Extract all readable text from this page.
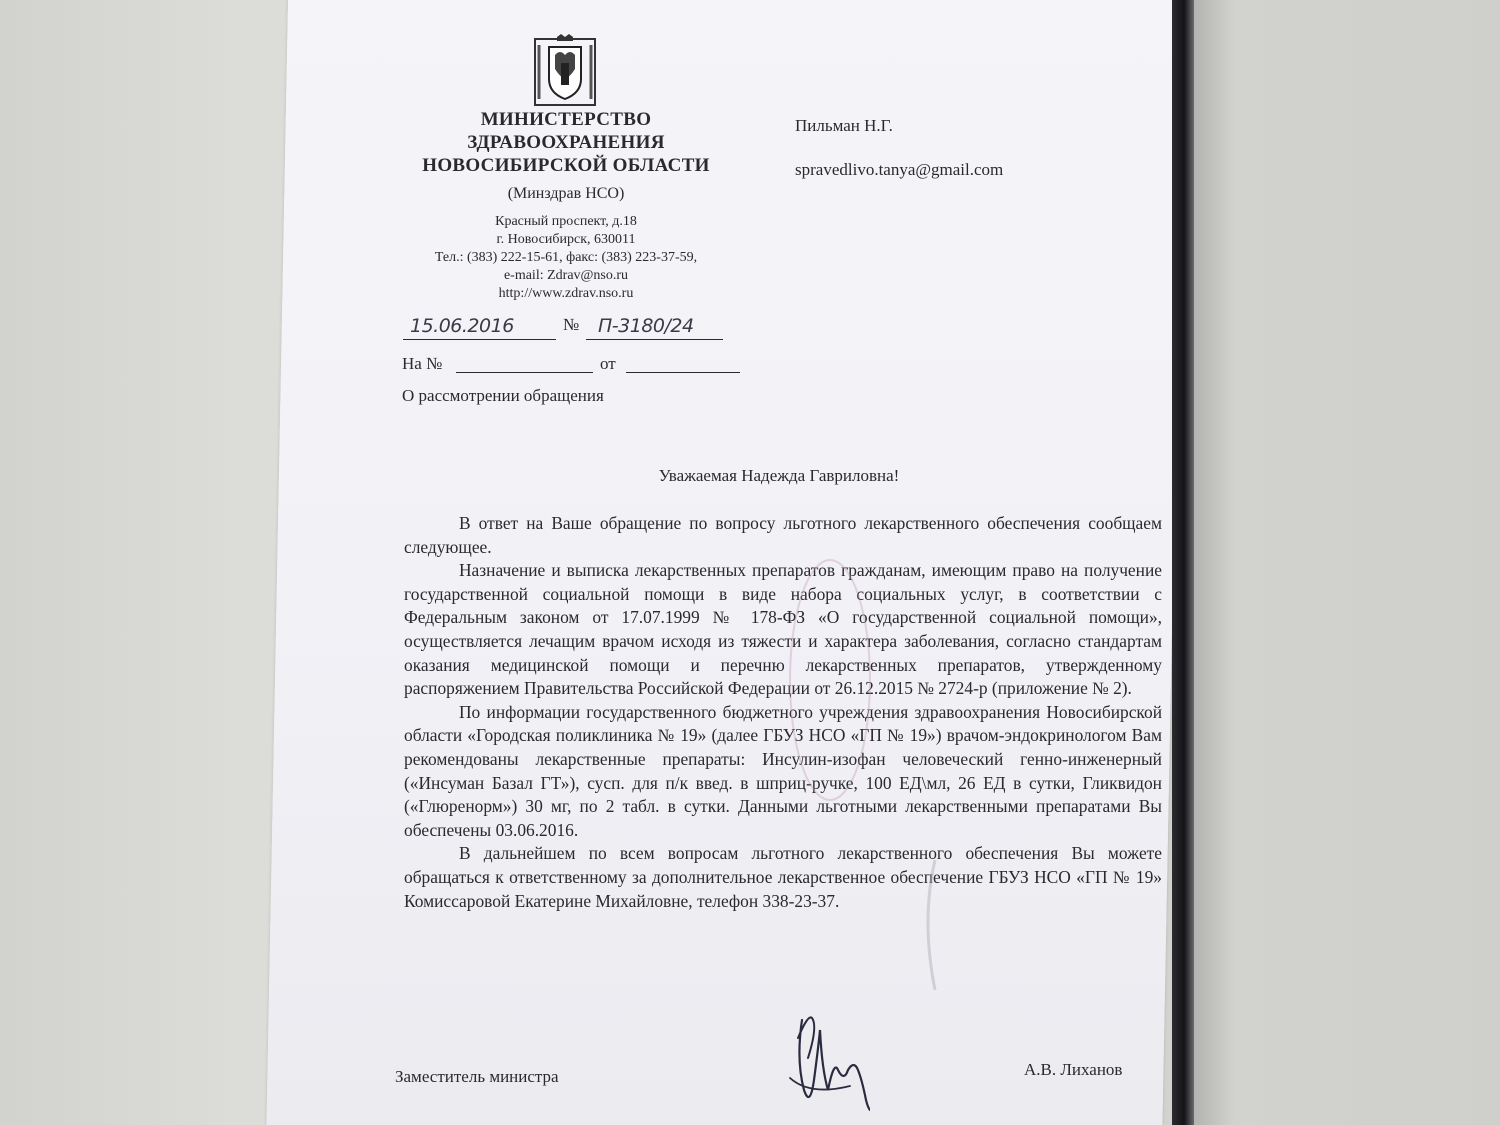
МИНИСТЕРСТВО
ЗДРАВООХРАНЕНИЯ
НОВОСИБИРСКОЙ ОБЛАСТИ
(Минздрав НСО)
Красный проспект, д.18
г. Новосибирск, 630011
Тел.: (383) 222-15-61, факс: (383) 223-37-59,
e-mail: Zdrav@nso.ru
http://www.zdrav.nso.ru
Пильман Н.Г.
spravedlivo.tanya@gmail.com
15.06.2016	№ П-3180/24
На №	от
О рассмотрении обращения
Уважаемая Надежда Гавриловна!

В ответ на Ваше обращение по вопросу льготного лекарственного обеспечения сообщаем следующее.

Назначение и выписка лекарственных препаратов гражданам, имеющим право на получение государственной социальной помощи в виде набора социальных услуг, в соответствии с Федеральным законом от 17.07.1999 № 178-ФЗ «О государственной социальной помощи», осуществляется лечащим врачом исходя из тяжести и характера заболевания, согласно стандартам оказания медицинской помощи и перечню лекарственных препаратов, утвержденному распоряжением Правительства Российской Федерации от 26.12.2015 № 2724-р (приложение № 2).

По информации государственного бюджетного учреждения здравоохранения Новосибирской области «Городская поликлиника № 19» (далее ГБУЗ НСО «ГП № 19») врачом-эндокринологом Вам рекомендованы лекарственные препараты: Инсулин-изофан человеческий генно-инженерный («Инсуман Базал ГТ»), сусп. для п/к введ. в шприц-ручке, 100 ЕД\мл, 26 ЕД в сутки, Гликвидон («Глюренорм») 30 мг, по 2 табл. в сутки. Данными льготными лекарственными препаратами Вы обеспечены 03.06.2016.

В дальнейшем по всем вопросам льготного лекарственного обеспечения Вы можете обращаться к ответственному за дополнительное лекарственное обеспечение ГБУЗ НСО «ГП № 19» Комиссаровой Екатерине Михайловне, телефон 338-23-37.

Заместитель министра	А.В. Лиханов
